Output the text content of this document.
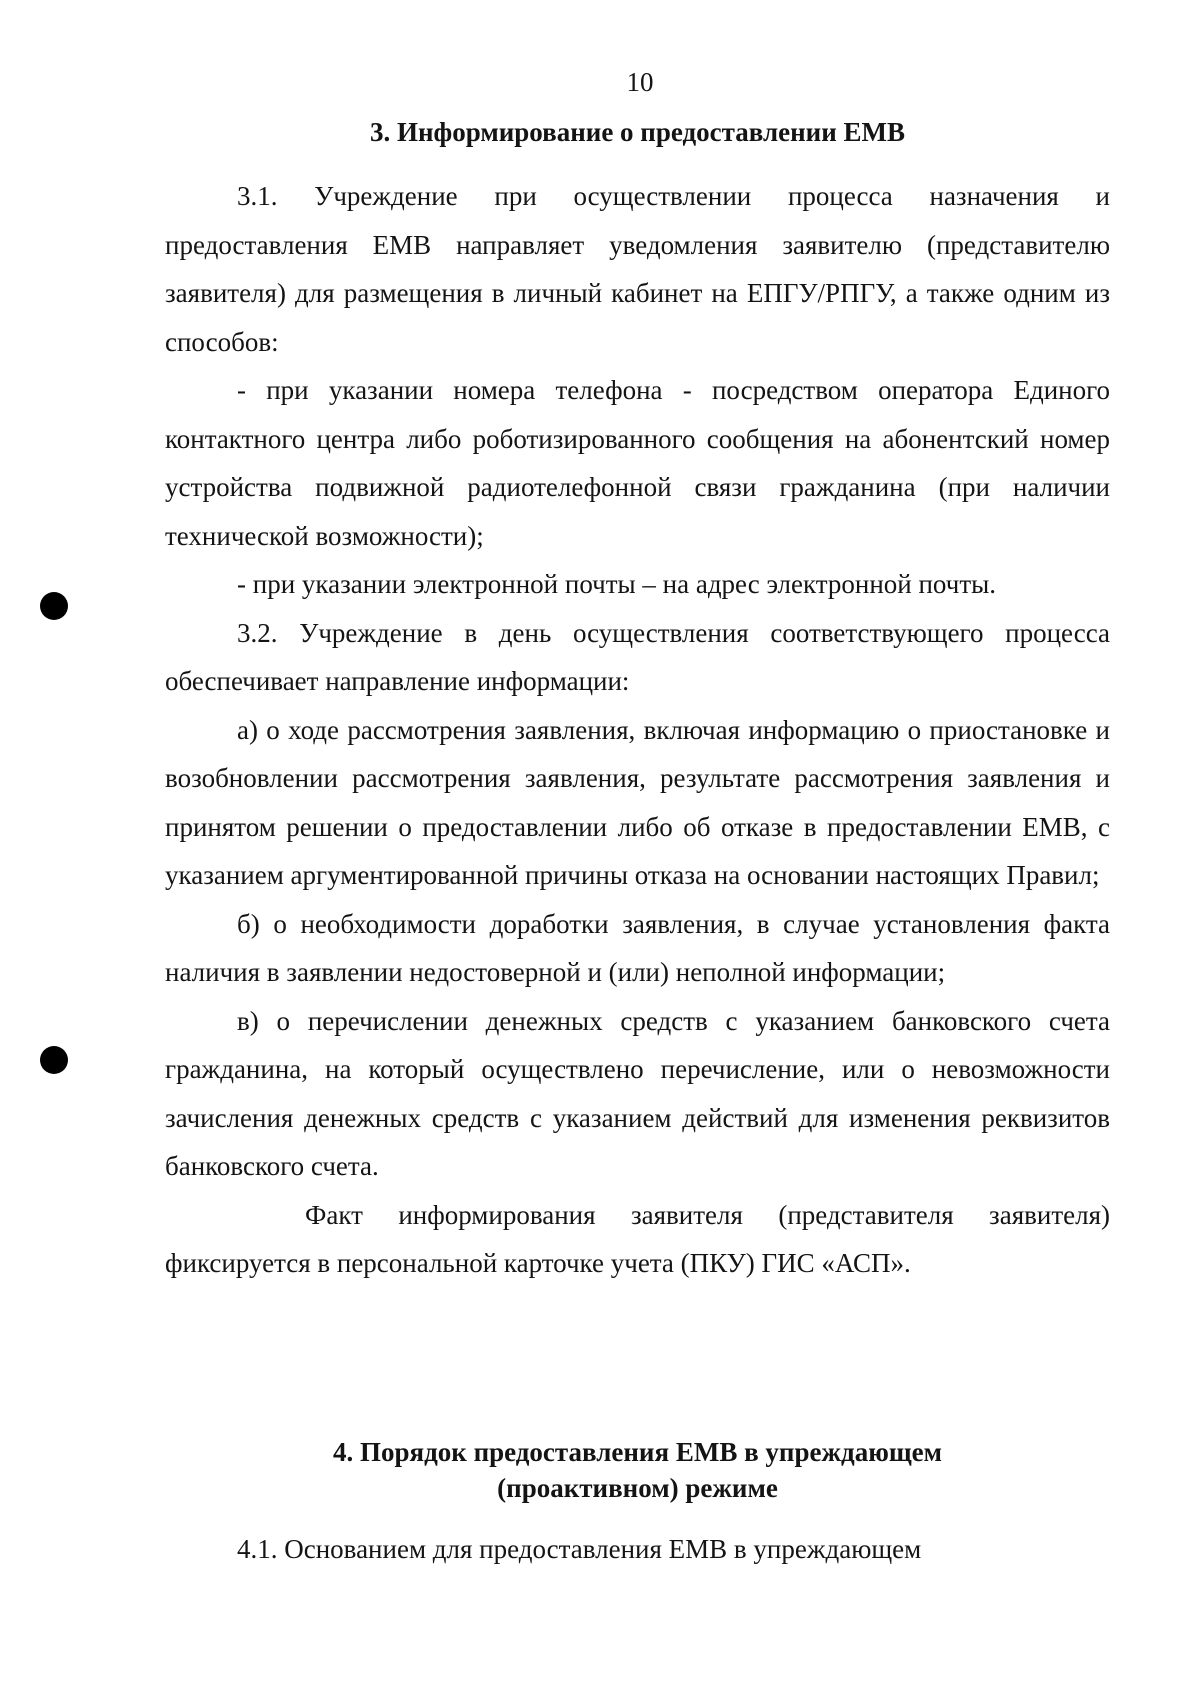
10
3. Информирование о предоставлении ЕМВ

3.1. Учреждение при осуществлении процесса назначения и предоставления ЕМВ направляет уведомления заявителю (представителю заявителя) для размещения в личный кабинет на ЕПГУ/РПГУ, а также одним из способов:

- при указании номера телефона - посредством оператора Единого контактного центра либо роботизированного сообщения на абонентский номер устройства подвижной радиотелефонной связи гражданина (при наличии технической возможности);

- при указании электронной почты – на адрес электронной почты.

3.2. Учреждение в день осуществления соответствующего процесса обеспечивает направление информации:

а) о ходе рассмотрения заявления, включая информацию о приостановке и возобновлении рассмотрения заявления, результате рассмотрения заявления и принятом решении о предоставлении либо об отказе в предоставлении ЕМВ, с указанием аргументированной причины отказа на основании настоящих Правил;

б) о необходимости доработки заявления, в случае установления факта наличия в заявлении недостоверной и (или) неполной информации;

в) о перечислении денежных средств с указанием банковского счета гражданина, на который осуществлено перечисление, или о невозможности зачисления денежных средств с указанием действий для изменения реквизитов банковского счета.

Факт информирования заявителя (представителя заявителя) фиксируется в персональной карточке учета (ПКУ) ГИС «АСП».

4. Порядок предоставления ЕМВ в упреждающем
(проактивном) режиме

4.1. Основанием для предоставления ЕМВ в упреждающем
